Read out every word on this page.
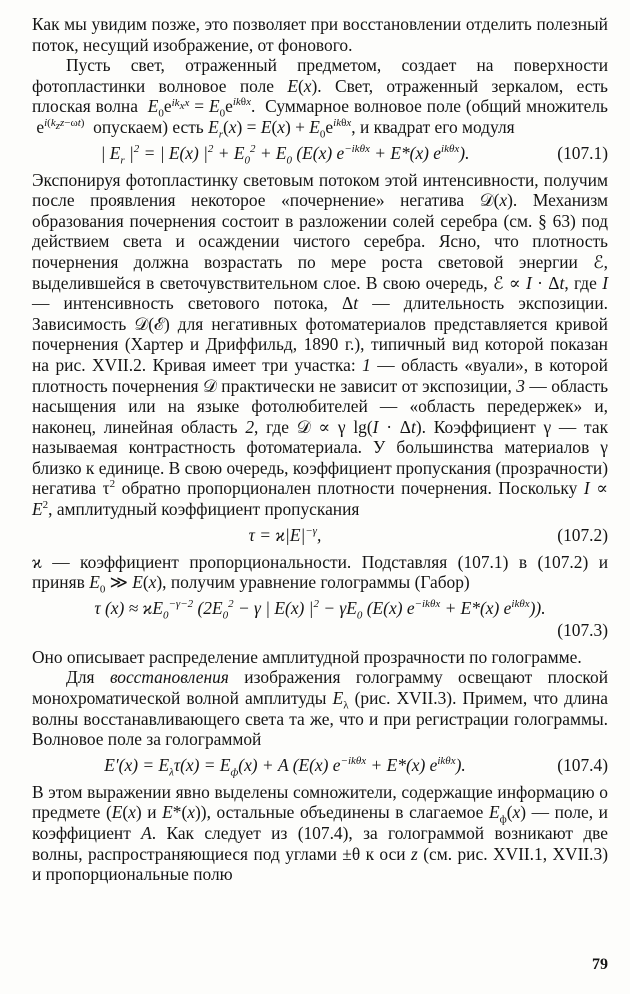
Как мы увидим позже, это позволяет при восстановлении отделить полезный поток, несущий изображение, от фонового.

Пусть свет, отраженный предметом, создает на поверхности фотопластинки волновое поле E(x). Свет, отраженный зеркалом, есть плоская волна  $E_0e^{ik_xx} = E_0e^{ik\theta x}$.  Суммарное волновое поле (общий множитель  $e^{i(k_zz-\omega t)}$  опускаем) есть $E_r(x) = E(x) + E_0e^{ik\theta x}$, и квадрат его модуля

| $E_r$ $|^2$ = | E(x) $|^2 + E_0^2 + E_0$ (E(x) $e^{-ik\theta x} + E*(x)$ $e^{ik\theta x}$).	(107.1)

Экспонируя фотопластинку световым потоком этой интенсивности, получим после проявления некоторое «почернение» негатива 𝒟(x). Механизм образования почернения состоит в разложении солей серебра (см. § 63) под действием света и осаждении чистого серебра. Ясно, что плотность почернения должна возрастать по мере роста световой энергии ℰ, выделившейся в светочувствительном слое. В свою очередь, ℰ ∝ I · Δt, где I — интенсивность светового потока, Δt — длительность экспозиции. Зависимость 𝒟(ℰ) для негативных фотоматериалов представляется кривой почернения (Хартер и Дриффильд, 1890 г.), типичный вид которой показан на рис. XVII.2. Кривая имеет три участка: 1 — область «вуали», в которой плотность почернения 𝒟 практически не зависит от экспозиции, 3 — область насыщения или на языке фотолюбителей — «область передержек» и, наконец, линейная область 2, где 𝒟 ∝ γ lg(I · Δt). Коэффициент γ — так называемая контрастность фотоматериала. У большинства материалов γ близко к единице. В свою очередь, коэффициент пропускания (прозрачности) негатива $\tau^2$ обратно пропорционален плотности почернения. Поскольку $I \propto E^2$, амплитудный коэффициент пропускания

$\tau = ϰ|E|^{-\gamma}$,	(107.2)

ϰ — коэффициент пропорциональности. Подставляя (107.1) в (107.2) и приняв $E_0$ ≫ E(x), получим уравнение голограммы (Габор)

τ $(x) \approx ϰE_0^{-\gamma-2}$ ($2E_0^2 - \gamma$ | E(x) $|^2 - \gamma E_0$ (E(x) $e^{-ik\theta x} + E*(x)$ $e^{ik\theta x}$)).
(107.3)

Оно описывает распределение амплитудной прозрачности по голограмме.

Для восстановления изображения голограмму освещают плоской монохроматической волной амплитуды $E_\lambda$ (рис. XVII.3). Примем, что длина волны восстанавливающего света та же, что и при регистрации голограммы. Волновое поле за голограммой

$E'(x) = E_\lambda\tau(x) = E_ф(x) + A$ (E(x) $e^{-ik\theta x} + E*(x)$ $e^{ik\theta x}$).	(107.4)

В этом выражении явно выделены сомножители, содержащие информацию о предмете (E(x) и E*(x)), остальные объединены в слагаемое $E_ф(x)$ — поле, и коэффициент A. Как следует из (107.4), за голограммой возникают две волны, распространяющиеся под углами ±θ к оси z (см. рис. XVII.1, XVII.3) и пропорциональные полю

79
